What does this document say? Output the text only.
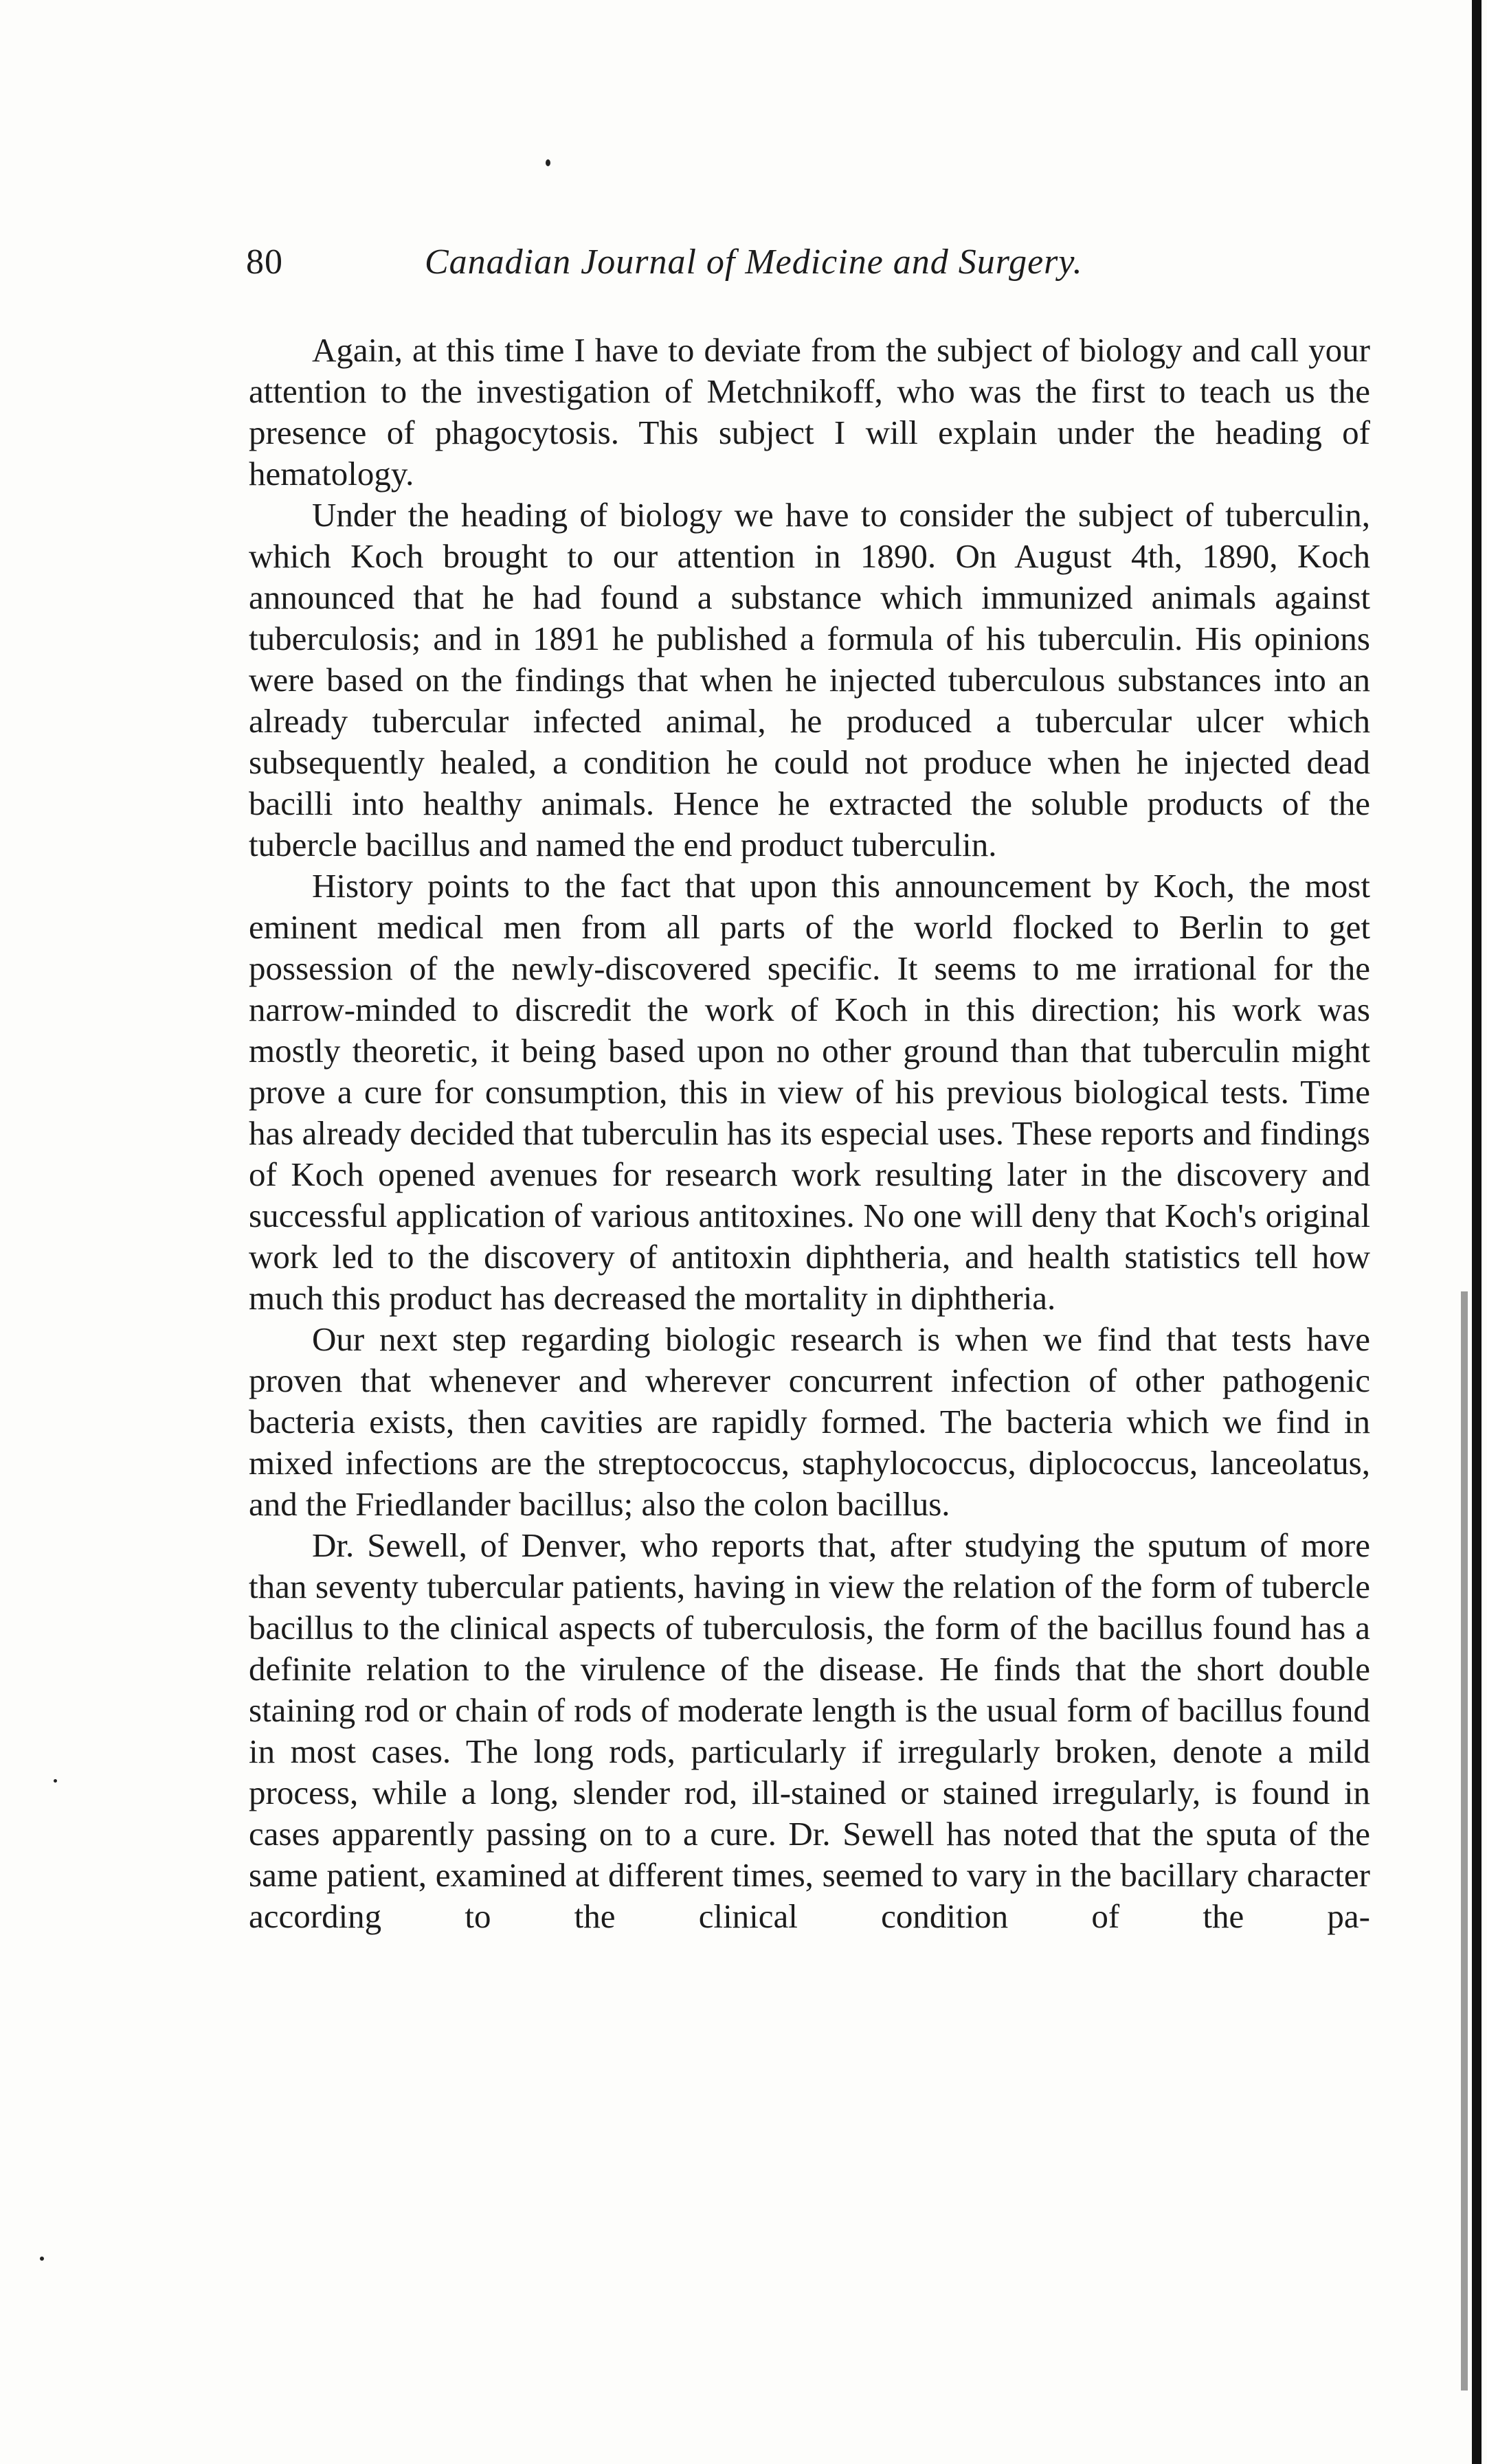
80	Canadian Journal of Medicine and Surgery.

Again, at this time I have to deviate from the subject of biology and call your attention to the investigation of Metchnikoff, who was the first to teach us the presence of phagocytosis. This subject I will explain under the heading of hematology.

Under the heading of biology we have to consider the subject of tuberculin, which Koch brought to our attention in 1890. On August 4th, 1890, Koch announced that he had found a substance which immunized animals against tuberculosis; and in 1891 he published a formula of his tuberculin. His opinions were based on the findings that when he injected tuberculous substances into an already tubercular infected animal, he produced a tubercular ulcer which subsequently healed, a condition he could not produce when he injected dead bacilli into healthy animals. Hence he extracted the soluble products of the tubercle bacillus and named the end product tuberculin.

History points to the fact that upon this announcement by Koch, the most eminent medical men from all parts of the world flocked to Berlin to get possession of the newly-discovered specific. It seems to me irrational for the narrow-minded to discredit the work of Koch in this direction; his work was mostly theoretic, it being based upon no other ground than that tuberculin might prove a cure for consumption, this in view of his previous biological tests. Time has already decided that tuberculin has its especial uses. These reports and findings of Koch opened avenues for research work resulting later in the discovery and successful application of various antitoxines. No one will deny that Koch's original work led to the discovery of antitoxin diphtheria, and health statistics tell how much this product has decreased the mortality in diphtheria.

Our next step regarding biologic research is when we find that tests have proven that whenever and wherever concurrent infection of other pathogenic bacteria exists, then cavities are rapidly formed. The bacteria which we find in mixed infections are the streptococcus, staphylococcus, diplococcus, lanceolatus, and the Friedlander bacillus; also the colon bacillus.

Dr. Sewell, of Denver, who reports that, after studying the sputum of more than seventy tubercular patients, having in view the relation of the form of tubercle bacillus to the clinical aspects of tuberculosis, the form of the bacillus found has a definite relation to the virulence of the disease. He finds that the short double staining rod or chain of rods of moderate length is the usual form of bacillus found in most cases. The long rods, particularly if irregularly broken, denote a mild process, while a long, slender rod, ill-stained or stained irregularly, is found in cases apparently passing on to a cure. Dr. Sewell has noted that the sputa of the same patient, examined at different times, seemed to vary in the bacillary character according to the clinical condition of the pa-
